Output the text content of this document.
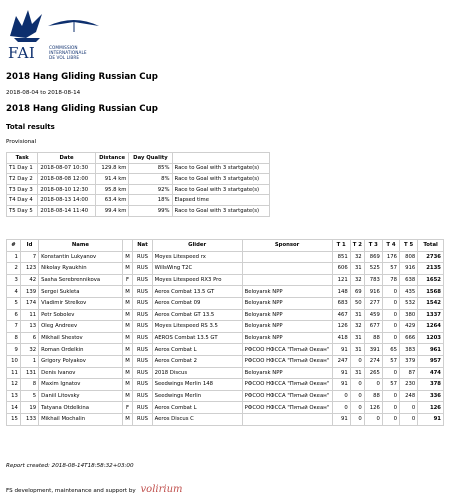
FAI	COMMISSION
INTERNATIONALE
DE VOL LIBRE
2018 Hang Gliding Russian Cup
2018-08-04 to 2018-08-14
2018 Hang Gliding Russian Cup
Total results
Provisional
Task	Date	Distance	Day Quality	
T1 Day 1	2018-08-07 10:30	129.8 km	85%	Race to Goal with 3 startgate(s)
T2 Day 2	2018-08-08 12:00	91.4 km	8%	Race to Goal with 3 startgate(s)
T3 Day 3	2018-08-10 12:30	95.8 km	92%	Race to Goal with 3 startgate(s)
T4 Day 4	2018-08-13 14:00	63.4 km	18%	Elapsed time
T5 Day 5	2018-08-14 11:40	99.4 km	99%	Race to Goal with 3 startgate(s)
#	Id	Name		Nat	Glider	Sponsor	T 1	T 2	T 3	T 4	T 5	Total
1	7	Konstantin Lukyanov	M	RUS	Moyes Litespeed rx		851	32	869	176	808	2736
2	123	Nikolay Ryaukhin	M	RUS	WillsWing T2C		606	31	525	57	916	2135
3	42	Sasha Serebrennikova	F	RUS	Moyes Litespeed RX3 Pro		121	32	783	78	638	1652
4	139	Sergei Sukleta	M	RUS	Aeros Combat 13.5 GT	Beloyarsk NPP	148	69	916	0	435	1568
5	174	Vladimir Strelkov	M	RUS	Aeros Combat 09	Beloyarsk NPP	683	50	277	0	532	1542
6	11	Petr Sobolev	M	RUS	Aeros Combat GT 13.5	Beloyarsk NPP	467	31	459	0	380	1337
7	13	Oleg Andreev	M	RUS	Moyes Litespeed RS 3.5	Beloyarsk NPP	126	32	677	0	429	1264
8	6	Mikhail Shestov	M	RUS	AEROS Combat 13.5 GT	Beloyarsk NPP	418	31	88	0	666	1203
9	32	Roman Ordelkin	M	RUS	Aeros Combat L	РФСОО НФССА "Пятый Океан"	91	31	391	65	383	961
10	1	Grigory Polyakov	M	RUS	Aeros Combat 2	РФСОО НФССА "Пятый Океан"	247	0	274	57	379	957
11	131	Denis Ivanov	M	RUS	2018 Discus	Beloyarsk NPP	91	31	265	0	87	474
12	8	Maxim Ignatov	M	RUS	Seedwings Merlin 148	РФСОО НФССА "Пятый Океан"	91	0	0	57	230	378
13	5	Daniil Litovsky	M	RUS	Seedwings Merlin	РФСОО НФССА "Пятый Океан"	0	0	88	0	248	336
14	19	Tatyana Otdelkina	F	RUS	Aeros Combat L	РФСОО НФССА "Пятый Океан"	0	0	126	0	0	126
15	133	Mikhail Mochalin	M	RUS	Aeros Discus C		91	0	0	0	0	91
Report created: 2018-08-14T18:58:32+03:00
FS development, maintenance and support by volirium
